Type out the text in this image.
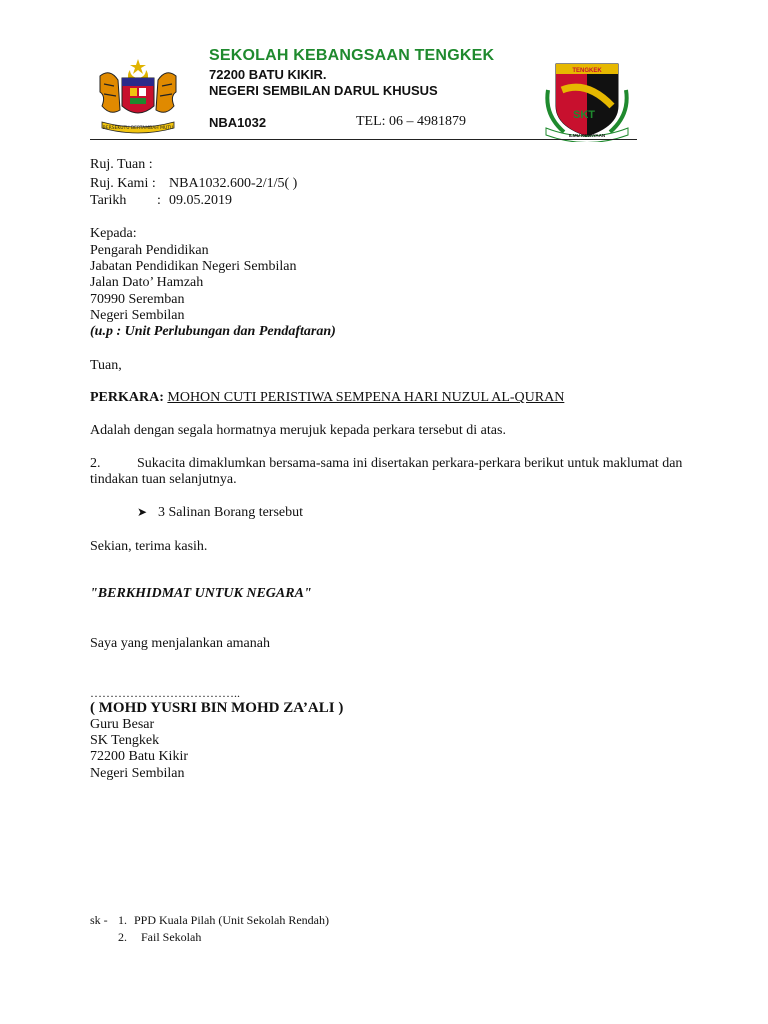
BERSEKUTU BERTAMBAH MUTU
SEKOLAH KEBANGSAAN TENGKEK
72200 BATU KIKIR.
NEGERI SEMBILAN DARUL KHUSUS
NBA1032	TEL: 06 – 4981879
TENGKEK
SKT
ILMU KEJAYAAN
Ruj. Tuan :
Ruj. Kami : NBA1032.600-2/1/5( )
Tarikh : 09.05.2019
Kepada:
Pengarah Pendidikan
Jabatan Pendidikan Negeri Sembilan
Jalan Dato’ Hamzah
70990 Seremban
Negeri Sembilan
(u.p : Unit Perlubungan dan Pendaftaran)
Tuan,
PERKARA: MOHON CUTI PERISTIWA SEMPENA HARI NUZUL AL-QURAN
Adalah dengan segala hormatnya merujuk kepada perkara tersebut di atas.
2.	Sukacita dimaklumkan bersama-sama ini disertakan perkara-perkara berikut untuk maklumat dan
tindakan tuan selanjutnya.
➤ 3 Salinan Borang tersebut
Sekian, terima kasih.
"BERKHIDMAT UNTUK NEGARA"
Saya yang menjalankan amanah
………………………………..
( MOHD YUSRI BIN MOHD ZA’ALI )
Guru Besar
SK Tengkek
72200 Batu Kikir
Negeri Sembilan
sk - 1. PPD Kuala Pilah (Unit Sekolah Rendah)
2. Fail Sekolah
